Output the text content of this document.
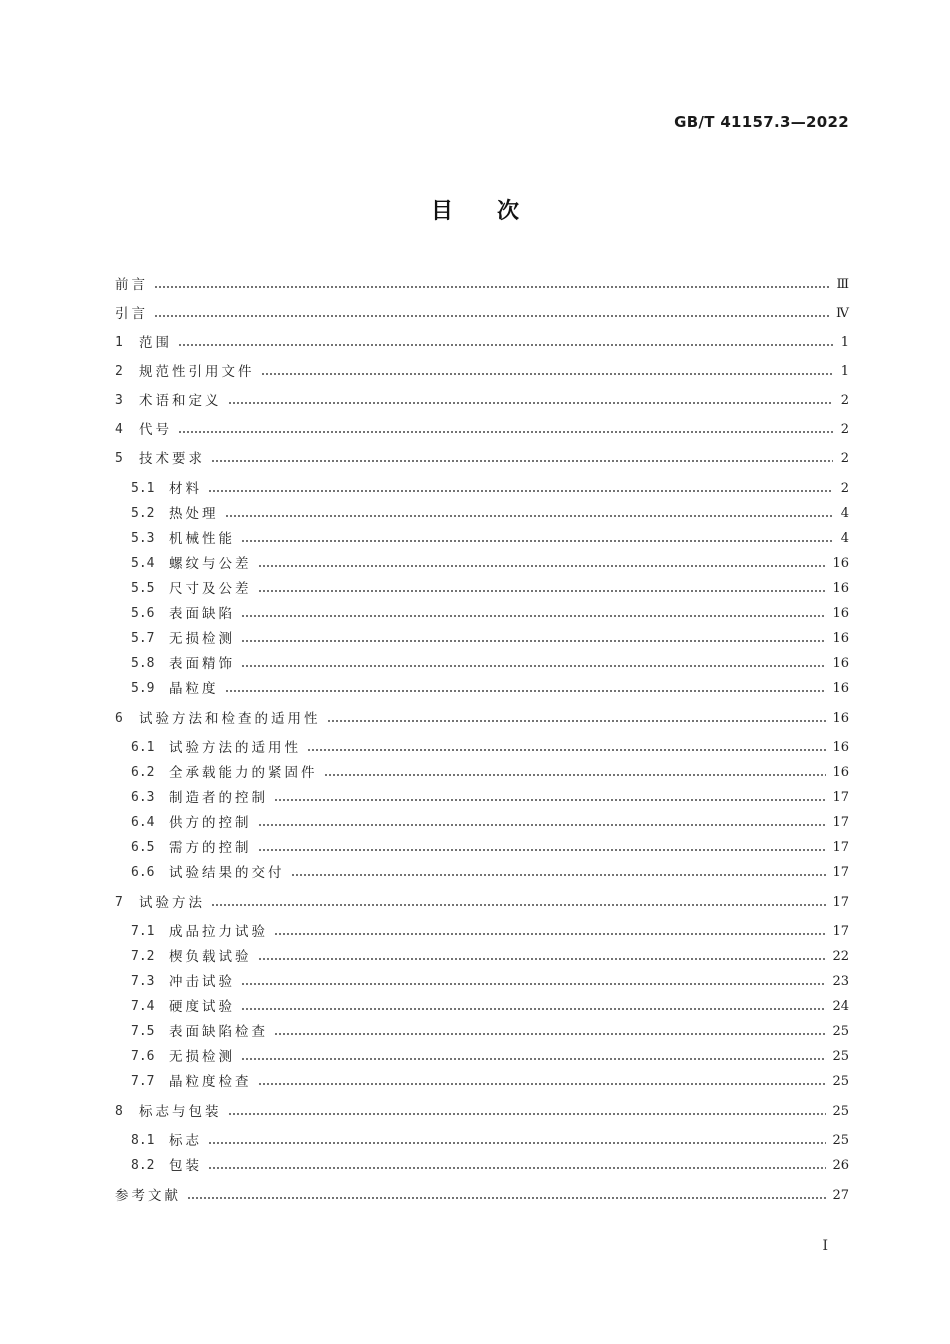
GB/T 41157.3—2022
目次
前言	Ⅲ
引言	Ⅳ
1	范围	1
2	规范性引用文件	1
3	术语和定义	2
4	代号	2
5	技术要求	2
5.1	材料	2
5.2	热处理	4
5.3	机械性能	4
5.4	螺纹与公差	16
5.5	尺寸及公差	16
5.6	表面缺陷	16
5.7	无损检测	16
5.8	表面精饰	16
5.9	晶粒度	16
6	试验方法和检查的适用性	16
6.1	试验方法的适用性	16
6.2	全承载能力的紧固件	16
6.3	制造者的控制	17
6.4	供方的控制	17
6.5	需方的控制	17
6.6	试验结果的交付	17
7	试验方法	17
7.1	成品拉力试验	17
7.2	楔负载试验	22
7.3	冲击试验	23
7.4	硬度试验	24
7.5	表面缺陷检查	25
7.6	无损检测	25
7.7	晶粒度检查	25
8	标志与包装	25
8.1	标志	25
8.2	包装	26
参考文献	27
Ⅰ
